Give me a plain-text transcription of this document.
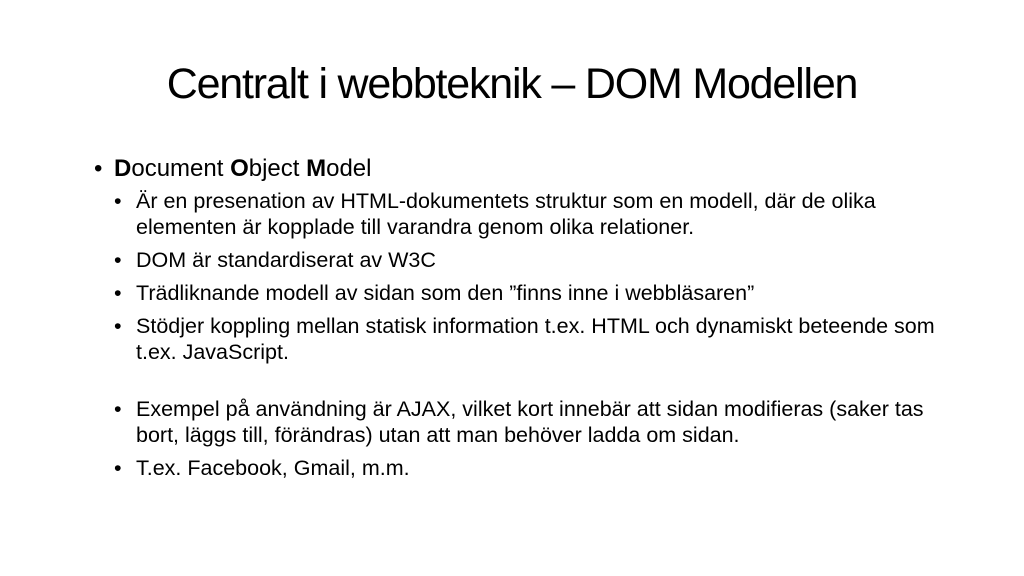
Centralt i webbteknik – DOM Modellen
• Document Object Model
• Är en presenation av HTML-dokumentets struktur som en modell, där de olika elementen är kopplade till varandra genom olika relationer.
• DOM är standardiserat av W3C
• Trädliknande modell av sidan som den ”finns inne i webbläsaren”
• Stödjer koppling mellan statisk information t.ex. HTML och dynamiskt beteende som t.ex. JavaScript.
• Exempel på användning är AJAX, vilket kort innebär att sidan modifieras (saker tas bort, läggs till, förändras) utan att man behöver ladda om sidan.
• T.ex. Facebook, Gmail, m.m.
